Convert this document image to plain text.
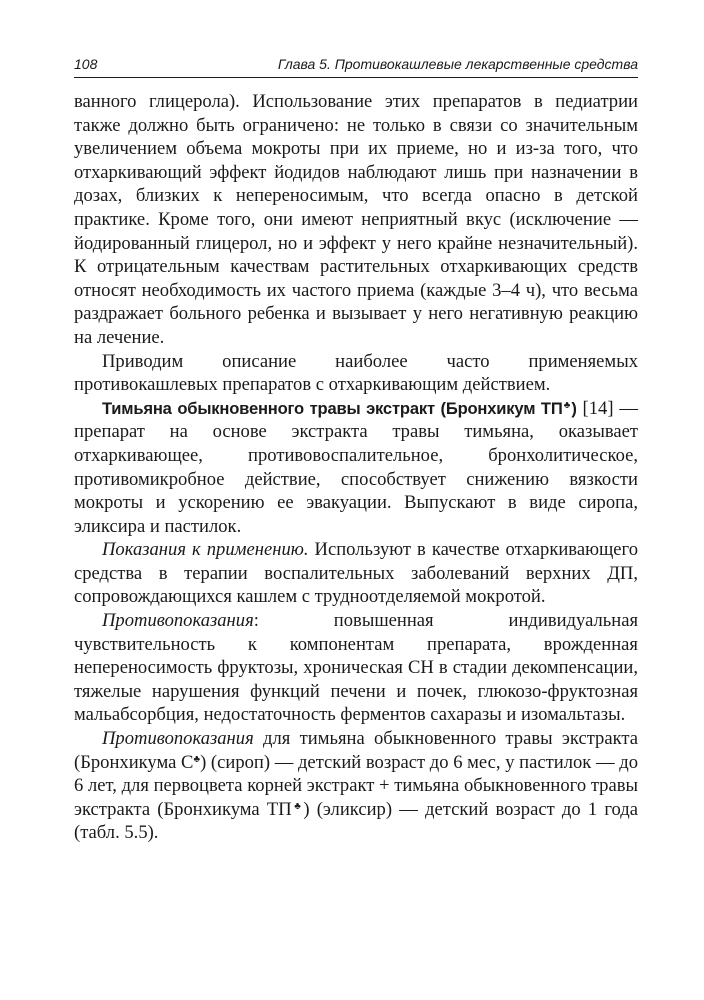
108	Глава 5. Противокашлевые лекарственные средства

ванного глицерола). Использование этих препаратов в педиатрии также должно быть ограничено: не только в связи со значительным увеличением объема мокроты при их приеме, но и из-за того, что отхаркивающий эффект йодидов наблюдают лишь при назначении в дозах, близких к непереносимым, что всегда опасно в детской практике. Кроме того, они имеют неприятный вкус (исключение — йодированный глицерол, но и эффект у него крайне незначительный). К отрицательным качествам растительных отхаркивающих средств относят необходимость их частого приема (каждые 3–4 ч), что весьма раздражает больного ребенка и вызывает у него негативную реакцию на лечение.

Приводим описание наиболее часто применяемых противокашлевых препаратов с отхаркивающим действием.

Тимьяна обыкновенного травы экстракт (Бронхикум ТП♣) [14] — препарат на основе экстракта травы тимьяна, оказывает отхаркивающее, противовоспалительное, бронхолитическое, противомикробное действие, способствует снижению вязкости мокроты и ускорению ее эвакуации. Выпускают в виде сиропа, эликсира и пастилок.

Показания к применению. Используют в качестве отхаркивающего средства в терапии воспалительных заболеваний верхних ДП, сопровождающихся кашлем с трудноотделяемой мокротой.

Противопоказания: повышенная индивидуальная чувствительность к компонентам препарата, врожденная непереносимость фруктозы, хроническая СН в стадии декомпенсации, тяжелые нарушения функций печени и почек, глюкозо-фруктозная мальабсорбция, недостаточность ферментов сахаразы и изомальтазы.

Противопоказания для тимьяна обыкновенного травы экстракта (Бронхикума С♣) (сироп) — детский возраст до 6 мес, у пастилок — до 6 лет, для первоцвета корней экстракт + тимьяна обыкновенного травы экстракта (Бронхикума ТП♣) (эликсир) — детский возраст до 1 года (табл. 5.5).
